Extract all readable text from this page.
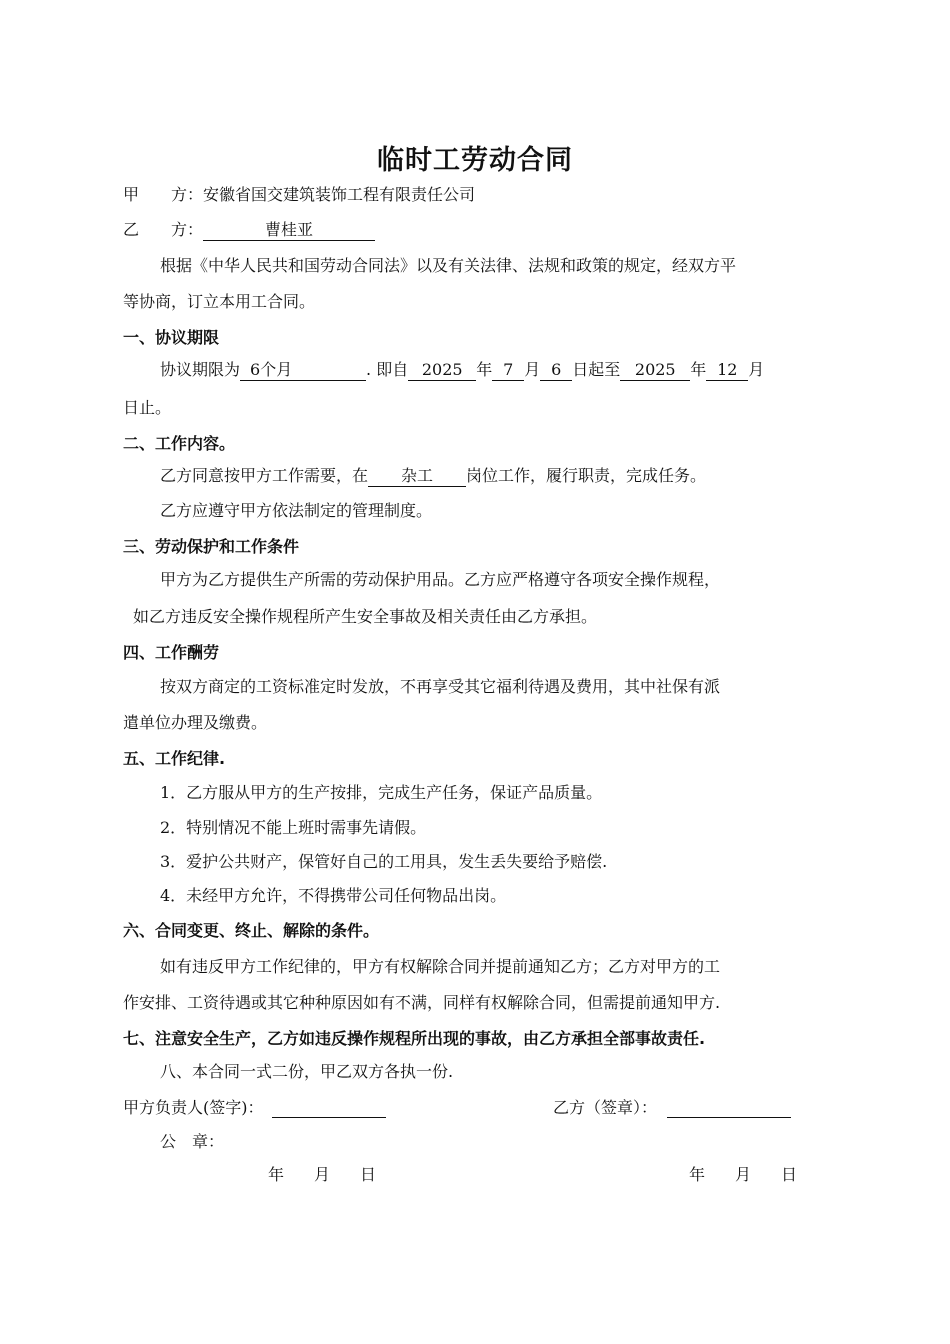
临时工劳动合同
甲　　方：安徽省国交建筑装饰工程有限责任公司
乙　　方：	曹桂亚
根据《中华人民共和国劳动合同法》以及有关法律、法规和政策的规定，经双方平
等协商，订立本用工合同。
一、协议期限
协议期限为 6个月	. 即自 2025 年 7 月 6 日起至 2025 年 12 月
日止。
二、工作内容。
乙方同意按甲方工作需要，在 杂工 岗位工作，履行职责，完成任务。
乙方应遵守甲方依法制定的管理制度。
三、劳动保护和工作条件
甲方为乙方提供生产所需的劳动保护用品。乙方应严格遵守各项安全操作规程，
如乙方违反安全操作规程所产生安全事故及相关责任由乙方承担。
四、工作酬劳
按双方商定的工资标准定时发放，不再享受其它福利待遇及费用，其中社保有派
遣单位办理及缴费。
五、工作纪律.
1．乙方服从甲方的生产按排，完成生产任务，保证产品质量。
2．特别情况不能上班时需事先请假。
3．爱护公共财产，保管好自己的工用具，发生丢失要给予赔偿.
4．未经甲方允许，不得携带公司任何物品出岗。
六、合同变更、终止、解除的条件。
如有违反甲方工作纪律的，甲方有权解除合同并提前通知乙方；乙方对甲方的工
作安排、工资待遇或其它种种原因如有不满，同样有权解除合同，但需提前通知甲方.
七、注意安全生产，乙方如违反操作规程所出现的事故，由乙方承担全部事故责任.
八、本合同一式二份，甲乙双方各执一份.
甲方负责人(签字)：	乙方（签章）：
公　章：
年 月 日	年 月 日
